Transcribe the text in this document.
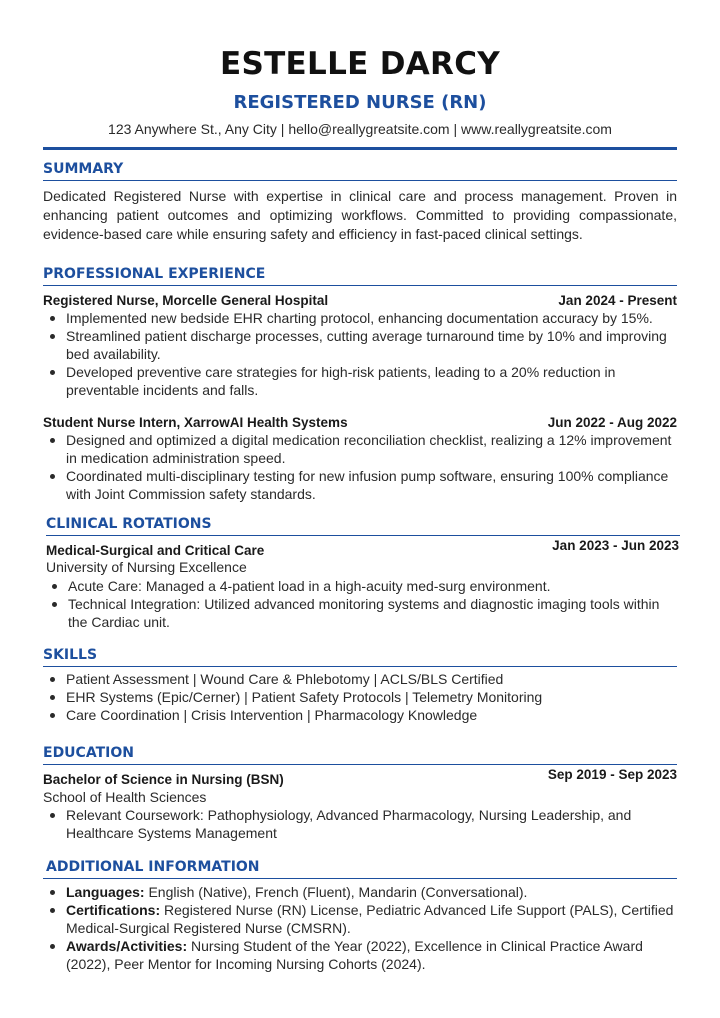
ESTELLE DARCY
REGISTERED NURSE (RN)
123 Anywhere St., Any City | hello@reallygreatsite.com | www.reallygreatsite.com
SUMMARY
Dedicated Registered Nurse with expertise in clinical care and process management. Proven in enhancing patient outcomes and optimizing workflows. Committed to providing compassionate, evidence-based care while ensuring safety and efficiency in fast-paced clinical settings.
PROFESSIONAL EXPERIENCE
Registered Nurse, Morcelle General Hospital	Jan 2024 - Present
Implemented new bedside EHR charting protocol, enhancing documentation accuracy by 15%.
Streamlined patient discharge processes, cutting average turnaround time by 10% and improving bed availability.
Developed preventive care strategies for high-risk patients, leading to a 20% reduction in preventable incidents and falls.
Student Nurse Intern, XarrowAI Health Systems	Jun 2022 - Aug 2022
Designed and optimized a digital medication reconciliation checklist, realizing a 12% improvement in medication administration speed.
Coordinated multi-disciplinary testing for new infusion pump software, ensuring 100% compliance with Joint Commission safety standards.
CLINICAL ROTATIONS
Medical-Surgical and Critical Care	Jan 2023 - Jun 2023
University of Nursing Excellence
Acute Care: Managed a 4-patient load in a high-acuity med-surg environment.
Technical Integration: Utilized advanced monitoring systems and diagnostic imaging tools within the Cardiac unit.
SKILLS
Patient Assessment | Wound Care & Phlebotomy | ACLS/BLS Certified
EHR Systems (Epic/Cerner) | Patient Safety Protocols | Telemetry Monitoring
Care Coordination | Crisis Intervention | Pharmacology Knowledge
EDUCATION
Bachelor of Science in Nursing (BSN)	Sep 2019 - Sep 2023
School of Health Sciences
Relevant Coursework: Pathophysiology, Advanced Pharmacology, Nursing Leadership, and Healthcare Systems Management
ADDITIONAL INFORMATION
Languages: English (Native), French (Fluent), Mandarin (Conversational).
Certifications: Registered Nurse (RN) License, Pediatric Advanced Life Support (PALS), Certified Medical-Surgical Registered Nurse (CMSRN).
Awards/Activities: Nursing Student of the Year (2022), Excellence in Clinical Practice Award (2022), Peer Mentor for Incoming Nursing Cohorts (2024).
